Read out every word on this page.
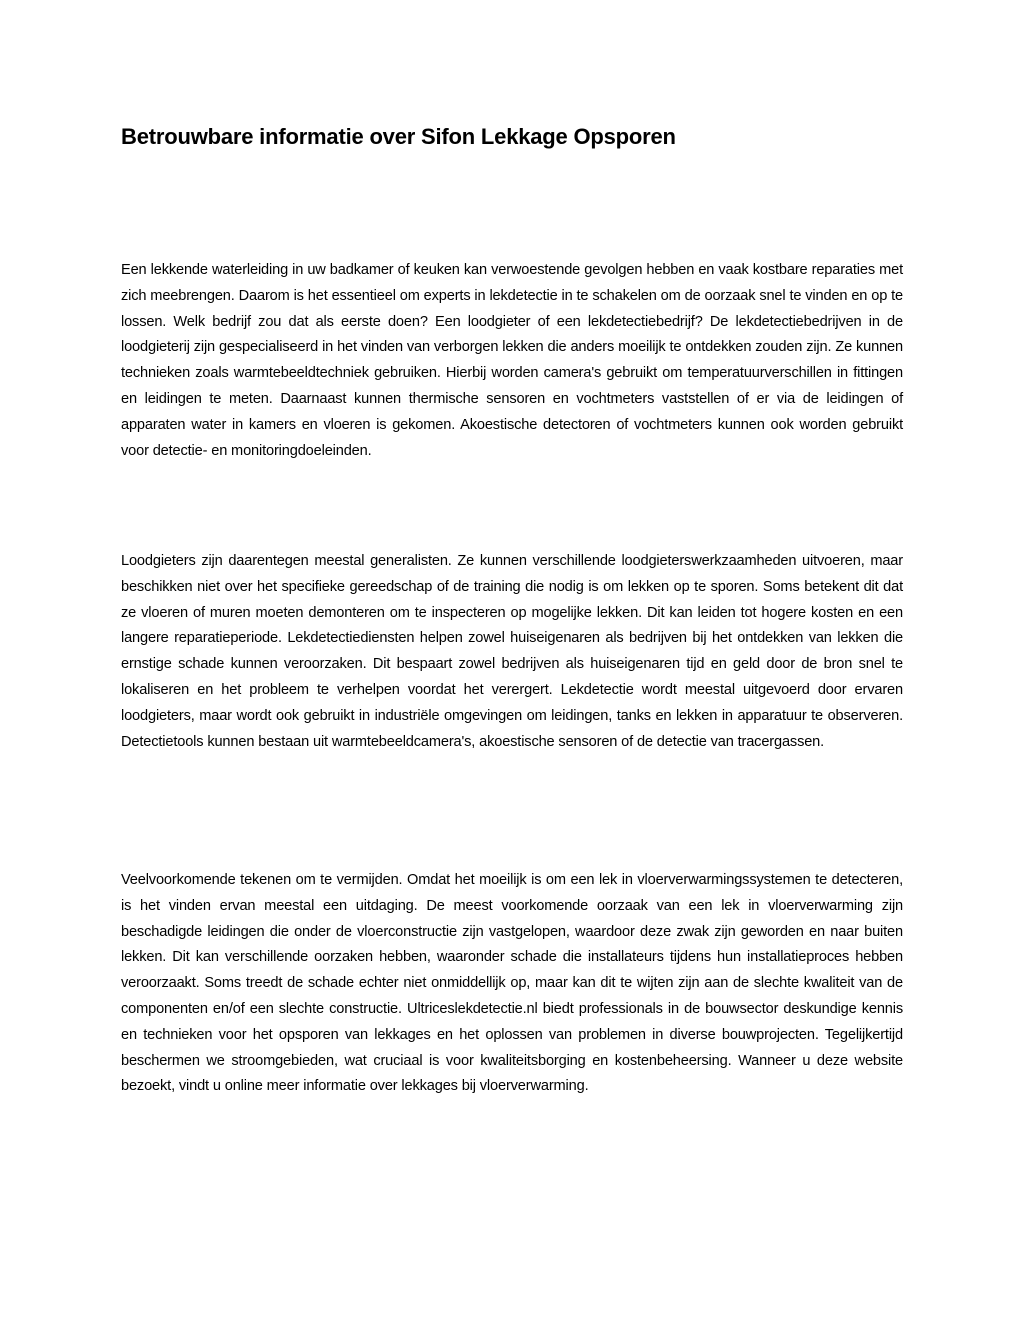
Betrouwbare informatie over Sifon Lekkage Opsporen

Een lekkende waterleiding in uw badkamer of keuken kan verwoestende gevolgen hebben en vaak kostbare reparaties met zich meebrengen. Daarom is het essentieel om experts in lekdetectie in te schakelen om de oorzaak snel te vinden en op te lossen. Welk bedrijf zou dat als eerste doen? Een loodgieter of een lekdetectiebedrijf? De lekdetectiebedrijven in de loodgieterij zijn gespecialiseerd in het vinden van verborgen lekken die anders moeilijk te ontdekken zouden zijn. Ze kunnen technieken zoals warmtebeeldtechniek gebruiken. Hierbij worden camera's gebruikt om temperatuurverschillen in fittingen en leidingen te meten. Daarnaast kunnen thermische sensoren en vochtmeters vaststellen of er via de leidingen of apparaten water in kamers en vloeren is gekomen. Akoestische detectoren of vochtmeters kunnen ook worden gebruikt voor detectie- en monitoringdoeleinden.

Loodgieters zijn daarentegen meestal generalisten. Ze kunnen verschillende loodgieterswerkzaamheden uitvoeren, maar beschikken niet over het specifieke gereedschap of de training die nodig is om lekken op te sporen. Soms betekent dit dat ze vloeren of muren moeten demonteren om te inspecteren op mogelijke lekken. Dit kan leiden tot hogere kosten en een langere reparatieperiode. Lekdetectiediensten helpen zowel huiseigenaren als bedrijven bij het ontdekken van lekken die ernstige schade kunnen veroorzaken. Dit bespaart zowel bedrijven als huiseigenaren tijd en geld door de bron snel te lokaliseren en het probleem te verhelpen voordat het verergert. Lekdetectie wordt meestal uitgevoerd door ervaren loodgieters, maar wordt ook gebruikt in industriële omgevingen om leidingen, tanks en lekken in apparatuur te observeren. Detectietools kunnen bestaan uit warmtebeeldcamera's, akoestische sensoren of de detectie van tracergassen.

Veelvoorkomende tekenen om te vermijden. Omdat het moeilijk is om een lek in vloerverwarmingssystemen te detecteren, is het vinden ervan meestal een uitdaging. De meest voorkomende oorzaak van een lek in vloerverwarming zijn beschadigde leidingen die onder de vloerconstructie zijn vastgelopen, waardoor deze zwak zijn geworden en naar buiten lekken. Dit kan verschillende oorzaken hebben, waaronder schade die installateurs tijdens hun installatieproces hebben veroorzaakt. Soms treedt de schade echter niet onmiddellijk op, maar kan dit te wijten zijn aan de slechte kwaliteit van de componenten en/of een slechte constructie. Ultriceslekdetectie.nl biedt professionals in de bouwsector deskundige kennis en technieken voor het opsporen van lekkages en het oplossen van problemen in diverse bouwprojecten. Tegelijkertijd beschermen we stroomgebieden, wat cruciaal is voor kwaliteitsborging en kostenbeheersing. Wanneer u deze website bezoekt, vindt u online meer informatie over lekkages bij vloerverwarming.
